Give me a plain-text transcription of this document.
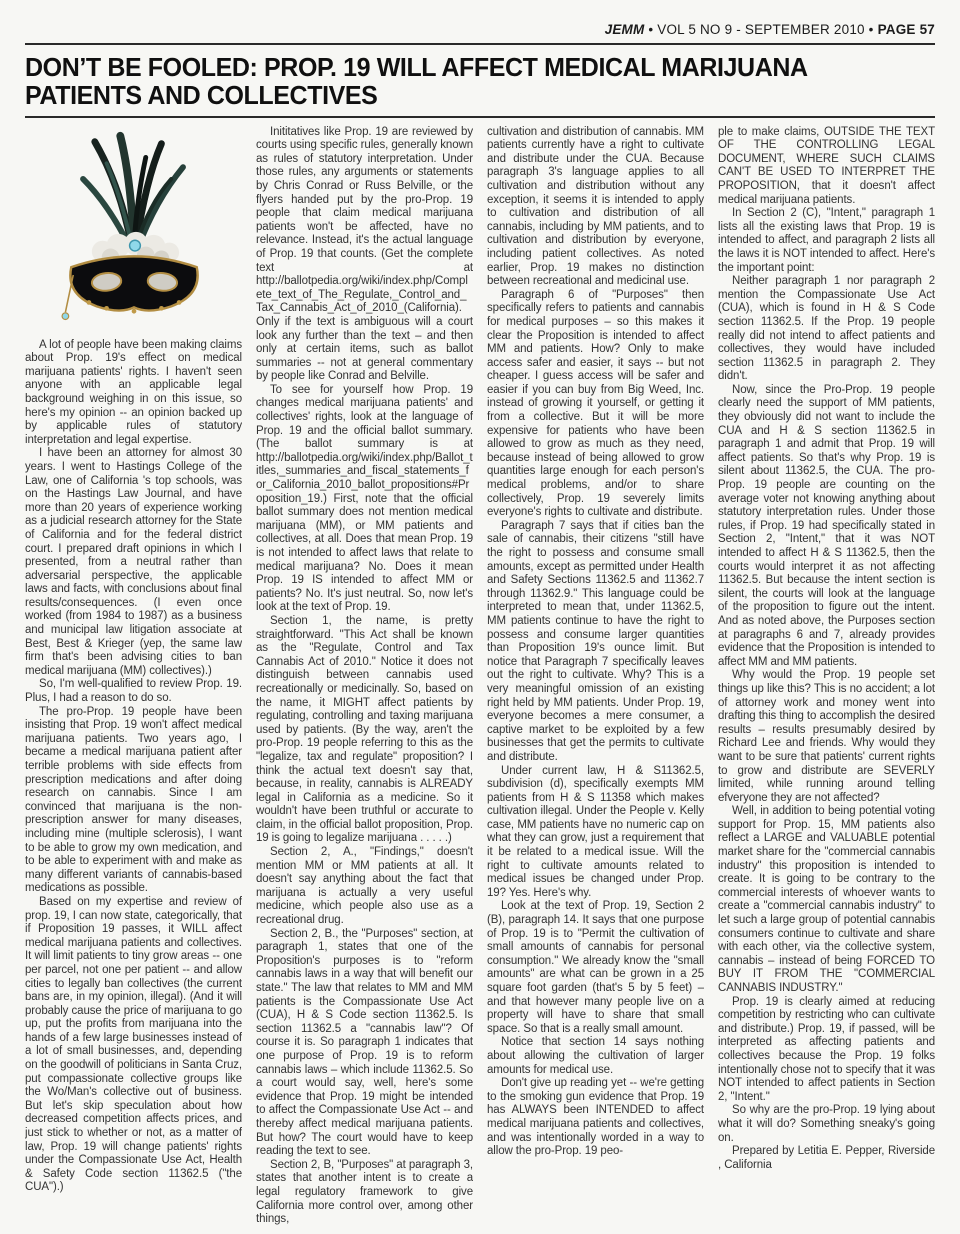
JEMM • VOL 5 NO 9 - SEPTEMBER 2010 • PAGE 57
DON’T BE FOOLED: PROP. 19 WILL AFFECT MEDICAL MARIJUANA PATIENTS AND COLLECTIVES

A lot of people have been making claims about Prop. 19's effect on medical marijuana patients' rights. I haven't seen anyone with an applicable legal background weighing in on this issue, so here's my opinion -- an opinion backed up by applicable rules of statutory interpretation and legal expertise.

I have been an attorney for almost 30 years. I went to Hastings College of the Law, one of California 's top schools, was on the Hastings Law Journal, and have more than 20 years of experience working as a judicial research attorney for the State of California and for the federal district court. I prepared draft opinions in which I presented, from a neutral rather than adversarial perspective, the applicable laws and facts, with conclusions about final results/consequences. (I even once worked (from 1984 to 1987) as a business and municipal law litigation associate at Best, Best & Krieger (yep, the same law firm that's been advising cities to ban medical marijuana (MM) collectives).)

So, I'm well-qualified to review Prop. 19. Plus, I had a reason to do so.

The pro-Prop. 19 people have been insisting that Prop. 19 won't affect medical marijuana patients. Two years ago, I became a medical marijuana patient after terrible problems with side effects from prescription medications and after doing research on cannabis. Since I am convinced that marijuana is the non-prescription answer for many diseases, including mine (multiple sclerosis), I want to be able to grow my own medication, and to be able to experiment with and make as many different variants of cannabis-based medications as possible.

Based on my expertise and review of prop. 19, I can now state, categorically, that if Proposition 19 passes, it WILL affect medical marijuana patients and collectives. It will limit patients to tiny grow areas -- one per parcel, not one per patient -- and allow cities to legally ban collectives (the current bans are, in my opinion, illegal). (And it will probably cause the price of marijuana to go up, put the profits from marijuana into the hands of a few large businesses instead of a lot of small businesses, and, depending on the goodwill of politicians in Santa Cruz, put compassionate collective groups like the Wo/Man's collective out of business. But let's skip speculation about how decreased competition affects prices, and just stick to whether or not, as a matter of law, Prop. 19 will change patients' rights under the Compassionate Use Act, Health & Safety Code section 11362.5 ("the CUA").)

Inititatives like Prop. 19 are reviewed by courts using specific rules, generally known as rules of statutory interpretation. Under those rules, any arguments or statements by Chris Conrad or Russ Belville, or the flyers handed put by the pro-Prop. 19 people that claim medical marijuana patients won't be affected, have no relevance. Instead, it's the actual language of Prop. 19 that counts. (Get the complete text at http://ballotpedia.org/wiki/index.php/Complete_text_of_The_Regulate,_Control_and_Tax_Cannabis_Act_of_2010_(California). Only if the text is ambiguous will a court look any further than the text – and then only at certain items, such as ballot summaries -- not at general commentary by people like Conrad and Belville.

To see for yourself how Prop. 19 changes medical marijuana patients' and collectives' rights, look at the language of Prop. 19 and the official ballot summary. (The ballot summary is at http://ballotpedia.org/wiki/index.php/Ballot_titles,_summaries_and_fiscal_statements_for_California_2010_ballot_propositions#Proposition_19.) First, note that the official ballot summary does not mention medical marijuana (MM), or MM patients and collectives, at all. Does that mean Prop. 19 is not intended to affect laws that relate to medical marijuana? No. Does it mean Prop. 19 IS intended to affect MM or patients? No. It's just neutral. So, now let's look at the text of Prop. 19.

Section 1, the name, is pretty straightforward. "This Act shall be known as the "Regulate, Control and Tax Cannabis Act of 2010." Notice it does not distinguish between cannabis used recreationally or medicinally. So, based on the name, it MIGHT affect patients by regulating, controlling and taxing marijuana used by patients. (By the way, aren't the pro-Prop. 19 people referring to this as the "legalize, tax and regulate" proposition? I think the actual text doesn't say that, because, in reality, cannabis is ALREADY legal in California as a medicine. So it wouldn't have been truthful or accurate to claim, in the official ballot proposition, Prop. 19 is going to legalize marijuana . . . . .)

Section 2, A., "Findings," doesn't mention MM or MM patients at all. It doesn't say anything about the fact that marijuana is actually a very useful medicine, which people also use as a recreational drug.

Section 2, B., the "Purposes" section, at paragraph 1, states that one of the Proposition's purposes is to "reform cannabis laws in a way that will benefit our state." The law that relates to MM and MM patients is the Compassionate Use Act (CUA), H & S Code section 11362.5. Is section 11362.5 a "cannabis law"? Of course it is. So paragraph 1 indicates that one purpose of Prop. 19 is to reform cannabis laws – which include 11362.5. So a court would say, well, here's some evidence that Prop. 19 might be intended to affect the Compassionate Use Act -- and thereby affect medical marijuana patients. But how? The court would have to keep reading the text to see.

Section 2, B, "Purposes" at paragraph 3, states that another intent is to create a legal regulatory framework to give California more control over, among other things,

cultivation and distribution of cannabis. MM patients currently have a right to cultivate and distribute under the CUA. Because paragraph 3's language applies to all cultivation and distribution without any exception, it seems it is intended to apply to cultivation and distribution of all cannabis, including by MM patients, and to cultivation and distribution by everyone, including patient collectives. As noted earlier, Prop. 19 makes no distinction between recreational and medicinal use.

Paragraph 6 of "Purposes" then specifically refers to patients and cannabis for medical purposes – so this makes it clear the Proposition is intended to affect MM and patients. How? Only to make access safer and easier, it says -- but not cheaper. I guess access will be safer and easier if you can buy from Big Weed, Inc. instead of growing it yourself, or getting it from a collective. But it will be more expensive for patients who have been allowed to grow as much as they need, because instead of being allowed to grow quantities large enough for each person's medical problems, and/or to share collectively, Prop. 19 severely limits everyone's rights to cultivate and distribute.

Paragraph 7 says that if cities ban the sale of cannabis, their citizens "still have the right to possess and consume small amounts, except as permitted under Health and Safety Sections 11362.5 and 11362.7 through 11362.9." This language could be interpreted to mean that, under 11362.5, MM patients continue to have the right to possess and consume larger quantities than Proposition 19's ounce limit. But notice that Paragraph 7 specifically leaves out the right to cultivate. Why? This is a very meaningful omission of an existing right held by MM patients. Under Prop. 19, everyone becomes a mere consumer, a captive market to be exploited by a few businesses that get the permits to cultivate and distribute.

Under current law, H & S11362.5, subdivision (d), specifically exempts MM patients from H & S 11358 which makes cultivation illegal. Under the People v. Kelly case, MM patients have no numeric cap on what they can grow, just a requirement that it be related to a medical issue. Will the right to cultivate amounts related to medical issues be changed under Prop. 19? Yes. Here's why.

Look at the text of Prop. 19, Section 2 (B), paragraph 14. It says that one purpose of Prop. 19 is to "Permit the cultivation of small amounts of cannabis for personal consumption." We already know the "small amounts" are what can be grown in a 25 square foot garden (that's 5 by 5 feet) – and that however many people live on a property will have to share that small space. So that is a really small amount.

Notice that section 14 says nothing about allowing the cultivation of larger amounts for medical use.

Don't give up reading yet -- we're getting to the smoking gun evidence that Prop. 19 has ALWAYS been INTENDED to affect medical marijuana patients and collectives, and was intentionally worded in a way to allow the pro-Prop. 19 peo-

ple to make claims, OUTSIDE THE TEXT OF THE CONTROLLING LEGAL DOCUMENT, WHERE SUCH CLAIMS CAN'T BE USED TO INTERPRET THE PROPOSITION, that it doesn't affect medical marijuana patients.

In Section 2 (C), "Intent," paragraph 1 lists all the existing laws that Prop. 19 is intended to affect, and paragraph 2 lists all the laws it is NOT intended to affect. Here's the important point:

Neither paragraph 1 nor paragraph 2 mention the Compassionate Use Act (CUA), which is found in H & S Code section 11362.5. If the Prop. 19 people really did not intend to affect patients and collectives, they would have included section 11362.5 in paragraph 2. They didn't.

Now, since the Pro-Prop. 19 people clearly need the support of MM patients, they obviously did not want to include the CUA and H & S section 11362.5 in paragraph 1 and admit that Prop. 19 will affect patients. So that's why Prop. 19 is silent about 11362.5, the CUA. The pro-Prop. 19 people are counting on the average voter not knowing anything about statutory interpretation rules. Under those rules, if Prop. 19 had specifically stated in Section 2, "Intent," that it was NOT intended to affect H & S 11362.5, then the courts would interpret it as not affecting 11362.5. But because the intent section is silent, the courts will look at the language of the proposition to figure out the intent. And as noted above, the Purposes section at paragraphs 6 and 7, already provides evidence that the Proposition is intended to affect MM and MM patients.

Why would the Prop. 19 people set things up like this? This is no accident; a lot of attorney work and money went into drafting this thing to accomplish the desired results – results presumably desired by Richard Lee and friends. Why would they want to be sure that patients' current rights to grow and distribute are SEVERLY limited, while running around telling efveryone they are not affected?

Well, in addition to being potential voting support for Prop. 15, MM patients also reflect a LARGE and VALUABLE potential market share for the "commercial cannabis industry" this proposition is intended to create. It is going to be contrary to the commercial interests of whoever wants to create a "commercial cannabis industry" to let such a large group of potential cannabis consumers continue to cultivate and share with each other, via the collective system, cannabis – instead of being FORCED TO BUY IT FROM THE "COMMERCIAL CANNABIS INDUSTRY."

Prop. 19 is clearly aimed at reducing competition by restricting who can cultivate and distribute.) Prop. 19, if passed, will be interpreted as affecting patients and collectives because the Prop. 19 folks intentionally chose not to specify that it was NOT intended to affect patients in Section 2, "Intent."

So why are the pro-Prop. 19 lying about what it will do? Something sneaky's going on.

Prepared by Letitia E. Pepper, Riverside , California
